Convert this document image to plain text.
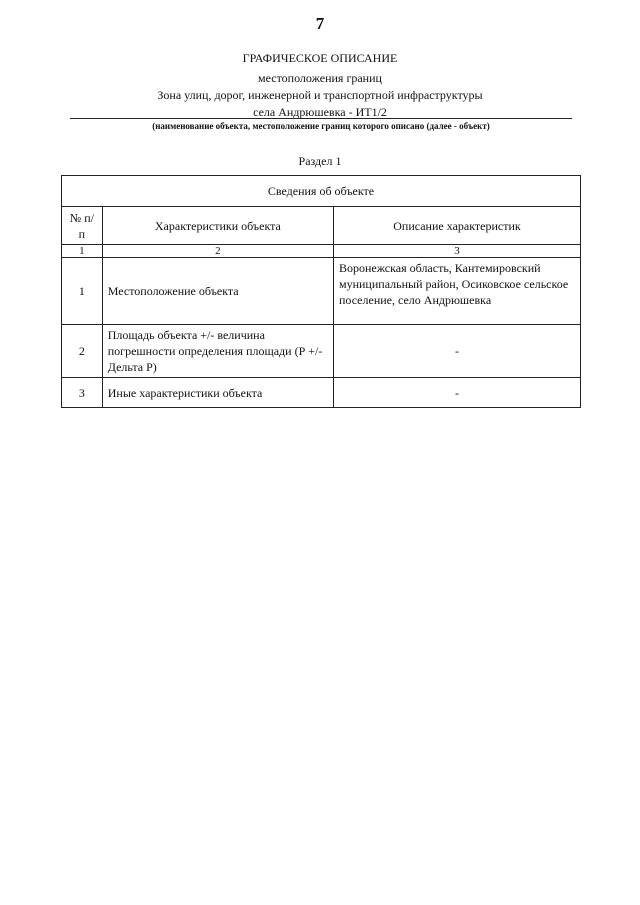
7
ГРАФИЧЕСКОЕ ОПИСАНИЕ
местоположения границ
Зона улиц, дорог, инженерной и транспортной инфраструктуры
села Андрюшевка - ИТ1/2
(наименование объекта, местоположение границ которого описано (далее - объект)
Раздел 1
Сведения об объекте		
№ п/п	Характеристики объекта	Описание характеристик
1	2	3
1	Местоположение объекта	Воронежская область, Кантемировский муниципальный район, Осиковское сельское поселение, село Андрюшевка
2	Площадь объекта +/- величина погрешности определения площади (Р +/- Дельта Р)	-
3	Иные характеристики объекта	-
